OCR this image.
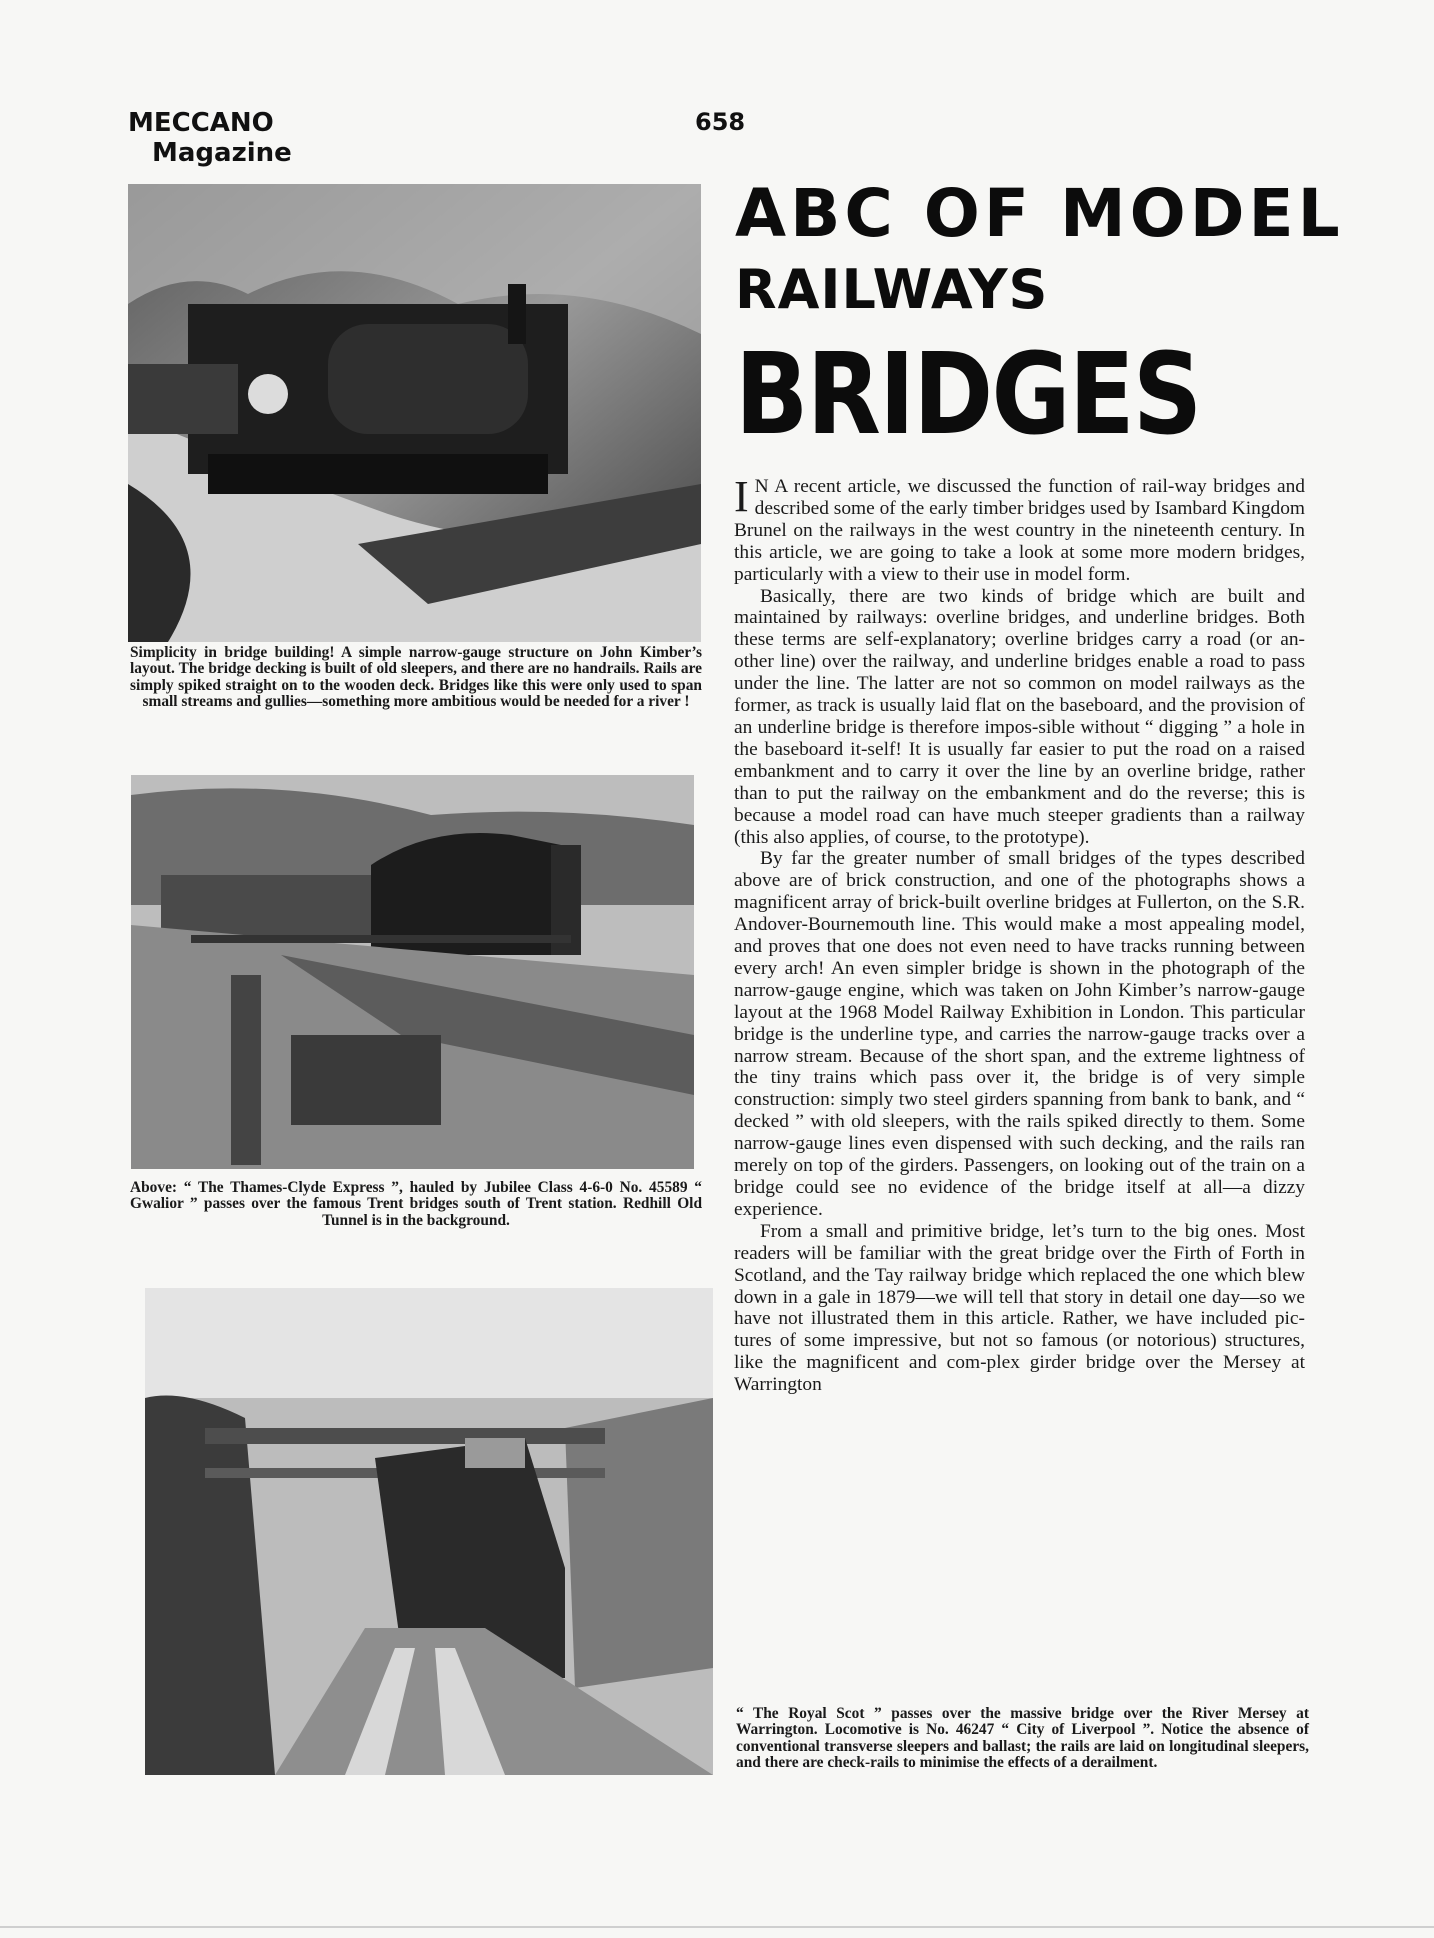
MECCANO
Magazine
658
ABC OF MODEL
RAILWAYS
BRIDGES
Simplicity in bridge building! A simple narrow-gauge structure on John Kimber’s layout. The bridge decking is built of old sleepers, and there are no handrails. Rails are simply spiked straight on to the wooden deck. Bridges like this were only used to span small streams and gullies—something more ambitious would be needed for a river !
Above: “ The Thames-Clyde Express ”, hauled by Jubilee Class 4-6-0 No. 45589 “ Gwalior ” passes over the famous Trent bridges south of Trent station. Redhill Old Tunnel is in the background.
“ The Royal Scot ” passes over the massive bridge over the River Mersey at Warrington. Locomotive is No. 46247 “ City of Liverpool ”. Notice the absence of conventional transverse sleepers and ballast; the rails are laid on longitudinal sleepers, and there are check-rails to minimise the effects of a derailment.

I N A recent article, we discussed the function of rail-way bridges and described some of the early timber bridges used by Isambard Kingdom Brunel on the railways in the west country in the nineteenth century. In this article, we are going to take a look at some more modern bridges, particularly with a view to their use in model form.

Basically, there are two kinds of bridge which are built and maintained by railways: overline bridges, and underline bridges. Both these terms are self-explanatory; overline bridges carry a road (or an-other line) over the railway, and underline bridges enable a road to pass under the line. The latter are not so common on model railways as the former, as track is usually laid flat on the baseboard, and the provision of an underline bridge is therefore impos-sible without “ digging ” a hole in the baseboard it-self! It is usually far easier to put the road on a raised embankment and to carry it over the line by an overline bridge, rather than to put the railway on the embankment and do the reverse; this is because a model road can have much steeper gradients than a railway (this also applies, of course, to the prototype).

By far the greater number of small bridges of the types described above are of brick construction, and one of the photographs shows a magnificent array of brick-built overline bridges at Fullerton, on the S.R. Andover-Bournemouth line. This would make a most appealing model, and proves that one does not even need to have tracks running between every arch! An even simpler bridge is shown in the photograph of the narrow-gauge engine, which was taken on John Kimber’s narrow-gauge layout at the 1968 Model Railway Exhibition in London. This particular bridge is the underline type, and carries the narrow-gauge tracks over a narrow stream. Because of the short span, and the extreme lightness of the tiny trains which pass over it, the bridge is of very simple construction: simply two steel girders spanning from bank to bank, and “ decked ” with old sleepers, with the rails spiked directly to them. Some narrow-gauge lines even dispensed with such decking, and the rails ran merely on top of the girders. Passengers, on looking out of the train on a bridge could see no evidence of the bridge itself at all—a dizzy experience.

From a small and primitive bridge, let’s turn to the big ones. Most readers will be familiar with the great bridge over the Firth of Forth in Scotland, and the Tay railway bridge which replaced the one which blew down in a gale in 1879—we will tell that story in detail one day—so we have not illustrated them in this article. Rather, we have included pic-tures of some impressive, but not so famous (or notorious) structures, like the magnificent and com-plex girder bridge over the Mersey at Warrington
